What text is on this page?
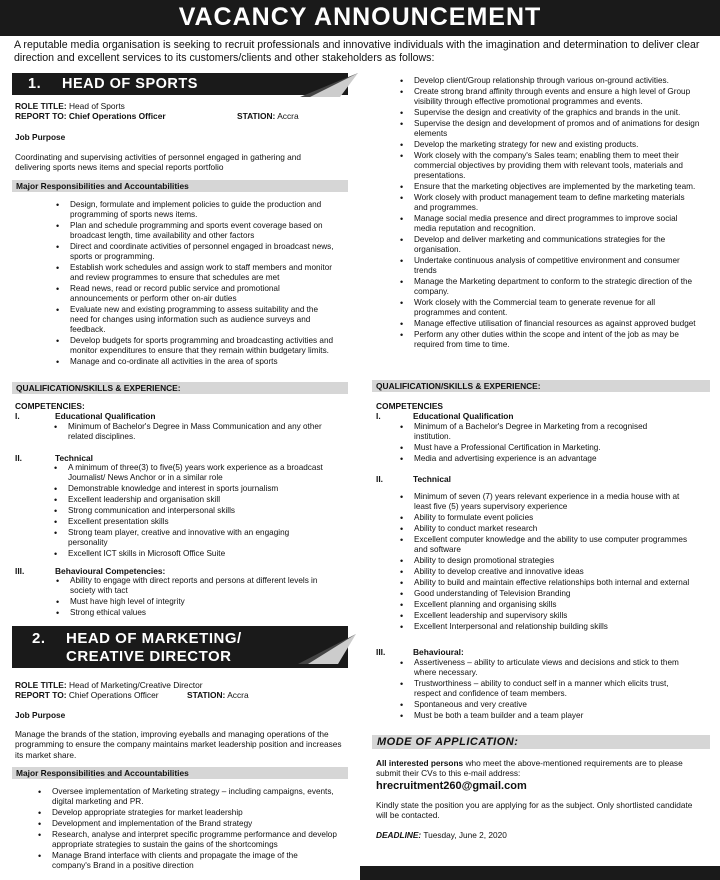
VACANCY ANNOUNCEMENT
A reputable media organisation is seeking to recruit professionals and innovative individuals with the imagination and determination to deliver clear direction and excellent services to its customers/clients and other stakeholders as follows:
1. HEAD OF SPORTS
ROLE TITLE: Head of Sports
REPORT TO: Chief Operations Officer	STATION: Accra
Job Purpose
Coordinating and supervising activities of personnel engaged in gathering and delivering sports news items and special reports portfolio
Major Responsibilities and Accountabilities
• Design, formulate and implement policies to guide the production and programming of sports news items.
• Plan and schedule programming and sports event coverage based on broadcast length, time availability and other factors
• Direct and coordinate activities of personnel engaged in broadcast news, sports or programming.
• Establish work schedules and assign work to staff members and monitor and review programmes to ensure that schedules are met
• Read news, read or record public service and promotional announcements or perform other on-air duties
• Evaluate new and existing programming to assess suitability and the need for changes using information such as audience surveys and feedback.
• Develop budgets for sports programming and broadcasting activities and monitor expenditures to ensure that they remain within budgetary limits.
• Manage and co-ordinate all activities in the area of sports
QUALIFICATION/SKILLS & EXPERIENCE:
COMPETENCIES:
I.	Educational Qualification
• Minimum of Bachelor's Degree in Mass Communication and any other related disciplines.
II.	Technical
• A minimum of three(3) to five(5) years work experience as a broadcast Journalist/ News Anchor or in a similar role
• Demonstrable knowledge and interest in sports journalism
• Excellent leadership and organisation skill
• Strong communication and interpersonal skills
• Excellent presentation skills
• Strong team player, creative and innovative with an engaging personality
• Excellent ICT skills in Microsoft Office Suite
III.	Behavioural Competencies:
• Ability to engage with direct reports and persons at different levels in society with tact
• Must have high level of integrity
• Strong ethical values
2. HEAD OF MARKETING/
CREATIVE DIRECTOR
ROLE TITLE: Head of Marketing/Creative Director
REPORT TO: Chief Operations Officer	STATION: Accra
Job Purpose
Manage the brands of the station, improving eyeballs and managing operations of the programming to ensure the company maintains market leadership position and increases its market share.
Major Responsibilities and Accountabilities
• Oversee implementation of Marketing strategy – including campaigns, events, digital marketing and PR.
• Develop appropriate strategies for market leadership
• Development and implementation of the Brand strategy
• Research, analyse and interpret specific programme performance and develop appropriate strategies to sustain the gains of the shortcomings
• Manage Brand interface with clients and propagate the image of the company's Brand in a positive direction
• Develop client/Group relationship through various on-ground activities.
• Create strong brand affinity through events and ensure a high level of Group visibility through effective promotional programmes and events.
• Supervise the design and creativity of the graphics and brands in the unit.
• Supervise the design and development of promos and of animations for design elements
• Develop the marketing strategy for new and existing products.
• Work closely with the company's Sales team; enabling them to meet their commercial objectives by providing them with relevant tools, materials and presentations.
• Ensure that the marketing objectives are implemented by the marketing team.
• Work closely with product management team to define marketing materials and programmes.
• Manage social media presence and direct programmes to improve social media reputation and recognition.
• Develop and deliver marketing and communications strategies for the organisation.
• Undertake continuous analysis of competitive environment and consumer trends
• Manage the Marketing department to conform to the strategic direction of the company.
• Work closely with the Commercial team to generate revenue for all programmes and content.
• Manage effective utilisation of financial resources as against approved budget
• Perform any other duties within the scope and intent of the job as may be required from time to time.
QUALIFICATION/SKILLS & EXPERIENCE:
COMPETENCIES
I.	Educational Qualification
• Minimum of a Bachelor's Degree in Marketing from a recognised institution.
• Must have a Professional Certification in Marketing.
• Media and advertising experience is an advantage
II.	Technical
• Minimum of seven (7) years relevant experience in a media house with at least five (5) years supervisory experience
• Ability to formulate event policies
• Ability to conduct market research
• Excellent computer knowledge and the ability to use computer programmes and software
• Ability to design promotional strategies
• Ability to develop creative and innovative ideas
• Ability to build and maintain effective relationships both internal and external
• Good understanding of Television Branding
• Excellent planning and organising skills
• Excellent leadership and supervisory skills
• Excellent Interpersonal and relationship building skills
III.	Behavioural:
• Assertiveness – ability to articulate views and decisions and stick to them where necessary.
• Trustworthiness – ability to conduct self in a manner which elicits trust, respect and confidence of team members.
• Spontaneous and very creative
• Must be both a team builder and a team player
MODE OF APPLICATION:
All interested persons who meet the above-mentioned requirements are to please submit their CVs to this e-mail address:
hrecruitment260@gmail.com
Kindly state the position you are applying for as the subject. Only shortlisted candidate will be contacted.
DEADLINE: Tuesday, June 2, 2020
